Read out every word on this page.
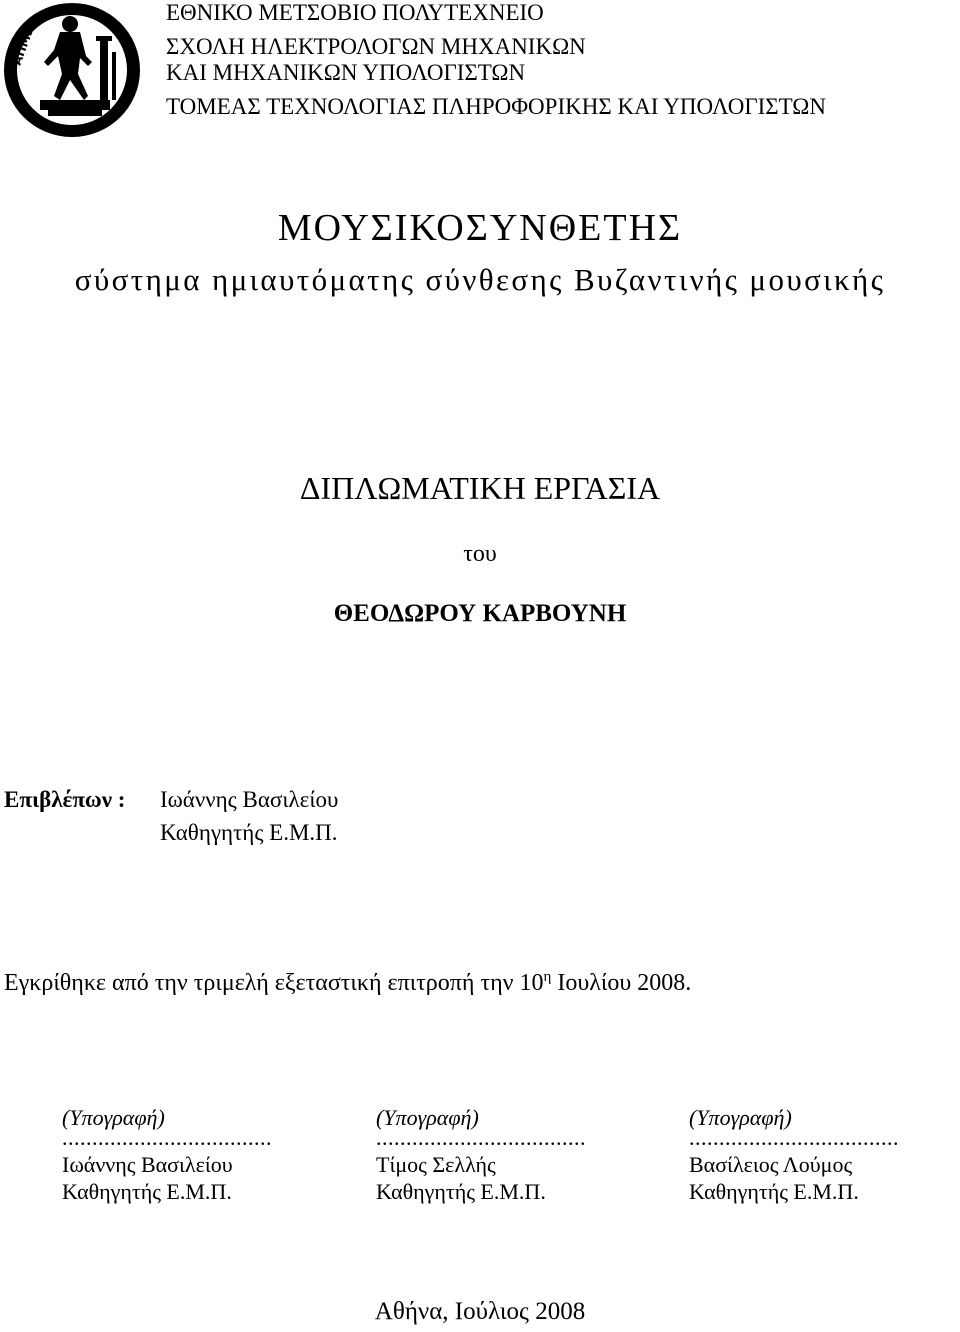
ΑΠΜΕ
ΕΘΝΙΚΟ ΜΕΤΣΟΒΙΟ ΠΟΛΥΤΕΧΝΕΙΟ
ΣΧΟΛΗ ΗΛΕΚΤΡΟΛΟΓΩΝ ΜΗΧΑΝΙΚΩΝ
ΚΑΙ ΜΗΧΑΝΙΚΩΝ ΥΠΟΛΟΓΙΣΤΩΝ
ΤΟΜΕΑΣ ΤΕΧΝΟΛΟΓΙΑΣ ΠΛΗΡΟΦΟΡΙΚΗΣ ΚΑΙ ΥΠΟΛΟΓΙΣΤΩΝ
ΜΟΥΣΙΚΟΣΥΝΘΕΤΗΣ
σύστημα ημιαυτόματης σύνθεσης Βυζαντινής μουσικής
ΔΙΠΛΩΜΑΤΙΚΗ ΕΡΓΑΣΙΑ
του
ΘΕΟΔΩΡΟΥ ΚΑΡΒΟΥΝΗ
Επιβλέπων : Ιωάννης Βασιλείου
Καθηγητής Ε.Μ.Π.
Εγκρίθηκε από την τριμελή εξεταστική επιτροπή την $10^\eta$ Ιουλίου 2008.
(Υπογραφή)
...................................
Ιωάννης Βασιλείου
Καθηγητής Ε.Μ.Π.
(Υπογραφή)
...................................
Τίμος Σελλής
Καθηγητής Ε.Μ.Π.
(Υπογραφή)
...................................
Βασίλειος Λούμος
Καθηγητής Ε.Μ.Π.
Αθήνα, Ιούλιος 2008
